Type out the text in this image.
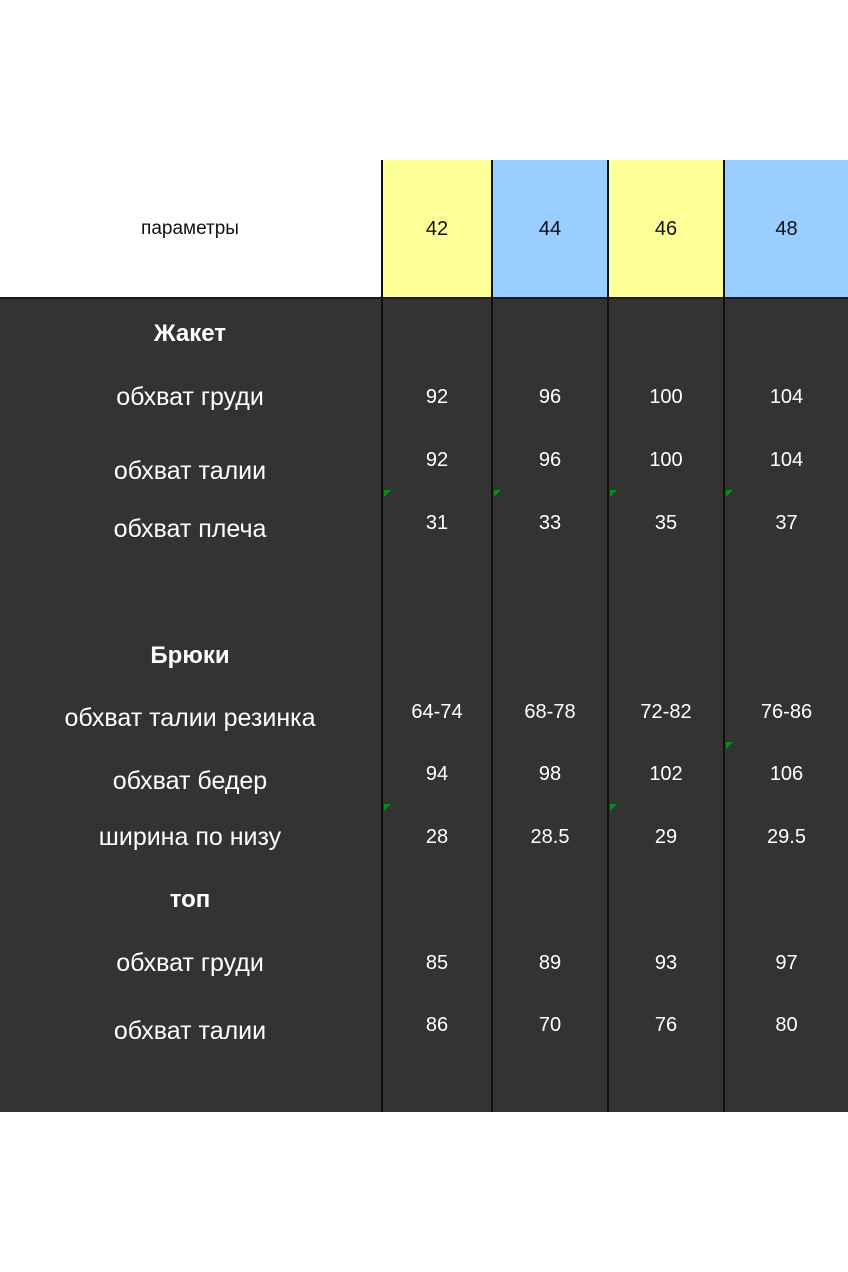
параметры	42	44	46	48
Жакет
обхват груди	92	96	100	104
обхват талии	92	96	100	104
обхват плеча	31	33	35	37
Брюки
обхват талии резинка	64-74	68-78	72-82	76-86
обхват бедер	94	98	102	106
ширина по низу	28	28.5	29	29.5
топ
обхват груди	85	89	93	97
обхват талии	86	70	76	80
